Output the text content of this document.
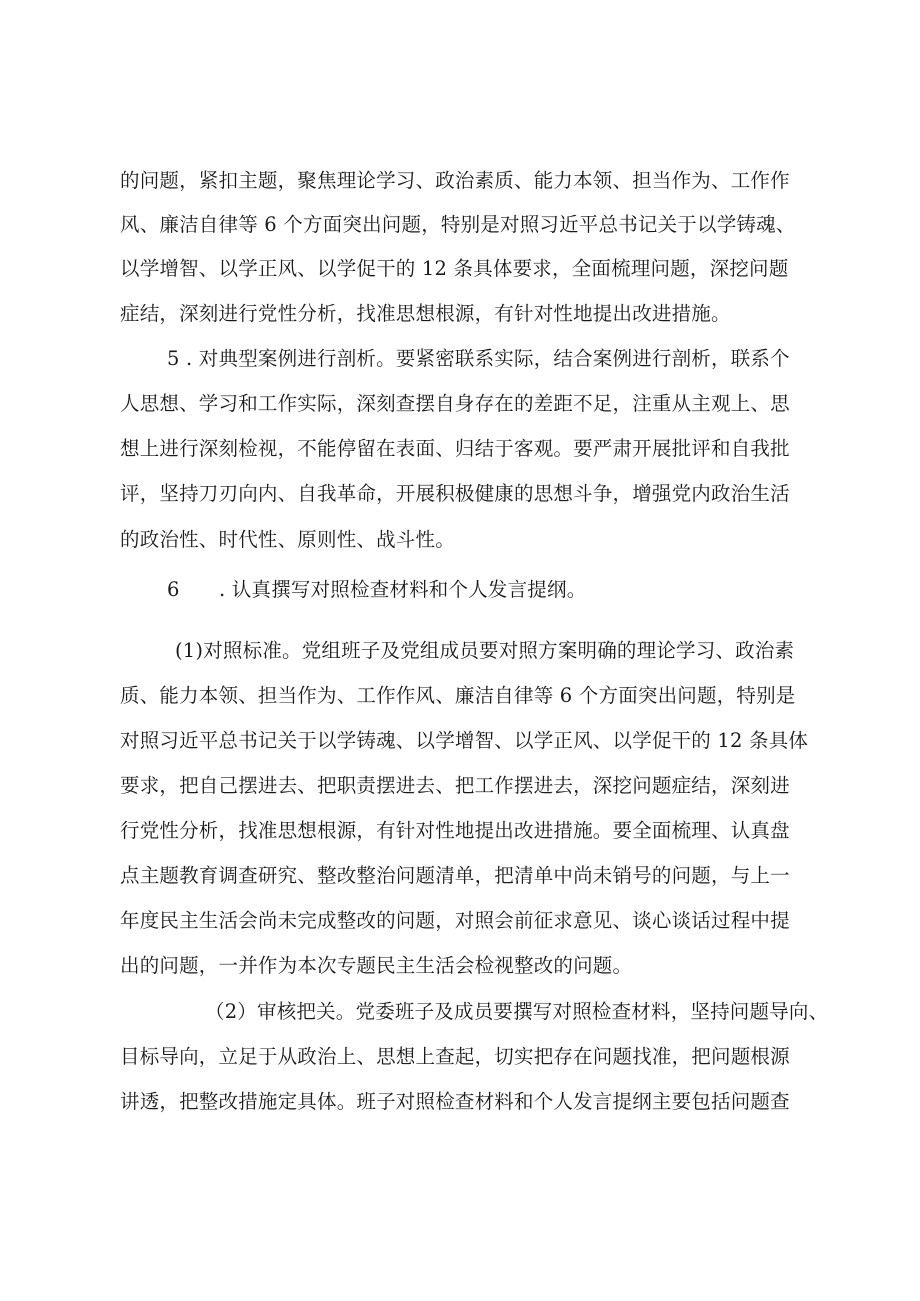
的问题，紧扣主题，聚焦理论学习、政治素质、能力本领、担当作为、工作作
风、廉洁自律等 6 个方面突出问题，特别是对照习近平总书记关于以学铸魂、
以学增智、以学正风、以学促干的 12 条具体要求，全面梳理问题，深挖问题
症结，深刻进行党性分析，找准思想根源，有针对性地提出改进措施。
5 . 对典型案例进行剖析。要紧密联系实际，结合案例进行剖析，联系个
人思想、学习和工作实际，深刻查摆自身存在的差距不足，注重从主观上、思
想上进行深刻检视，不能停留在表面、归结于客观。要严肃开展批评和自我批
评，坚持刀刃向内、自我革命，开展积极健康的思想斗争，增强党内政治生活
的政治性、时代性、原则性、战斗性。
6　　. 认真撰写对照检查材料和个人发言提纲。
(1)对照标准。党组班子及党组成员要对照方案明确的理论学习、政治素
质、能力本领、担当作为、工作作风、廉洁自律等 6 个方面突出问题，特别是
对照习近平总书记关于以学铸魂、以学增智、以学正风、以学促干的 12 条具体
要求，把自己摆进去、把职责摆进去、把工作摆进去，深挖问题症结，深刻进
行党性分析，找准思想根源，有针对性地提出改进措施。要全面梳理、认真盘
点主题教育调查研究、整改整治问题清单，把清单中尚未销号的问题，与上一
年度民主生活会尚未完成整改的问题，对照会前征求意见、谈心谈话过程中提
出的问题，一并作为本次专题民主生活会检视整改的问题。
（2）审核把关。党委班子及成员要撰写对照检查材料，坚持问题导向、
目标导向，立足于从政治上、思想上查起，切实把存在问题找准，把问题根源
讲透，把整改措施定具体。班子对照检查材料和个人发言提纲主要包括问题查
